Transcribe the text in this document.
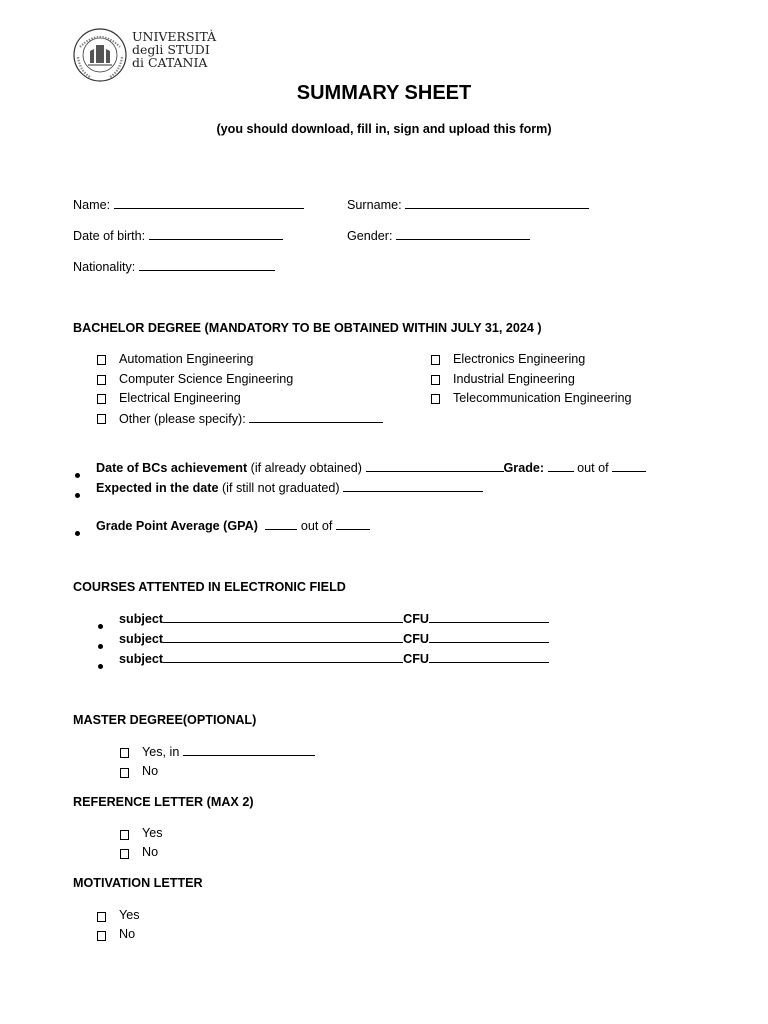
UNIVERSITÀ
degli STUDI
di CATANIA
SUMMARY SHEET
(you should download, fill in, sign and upload this form)
Name:	Surname:
Date of birth:	Gender:
Nationality:
BACHELOR DEGREE (MANDATORY TO BE OBTAINED WITHIN JULY 31, 2024 )
Automation Engineering
Computer Science Engineering
Electrical Engineering
Other (please specify):
Electronics Engineering
Industrial Engineering
Telecommunication Engineering
Date of BCs achievement (if already obtained)	Grade:	out of
Expected in the date (if still not graduated)
Grade Point Average (GPA)	out of
COURSES ATTENTED IN ELECTRONIC FIELD
subject	CFU
subject	CFU
subject	CFU
MASTER DEGREE(OPTIONAL)
Yes, in
No
REFERENCE LETTER (MAX 2)
Yes
No
MOTIVATION LETTER
Yes
No
